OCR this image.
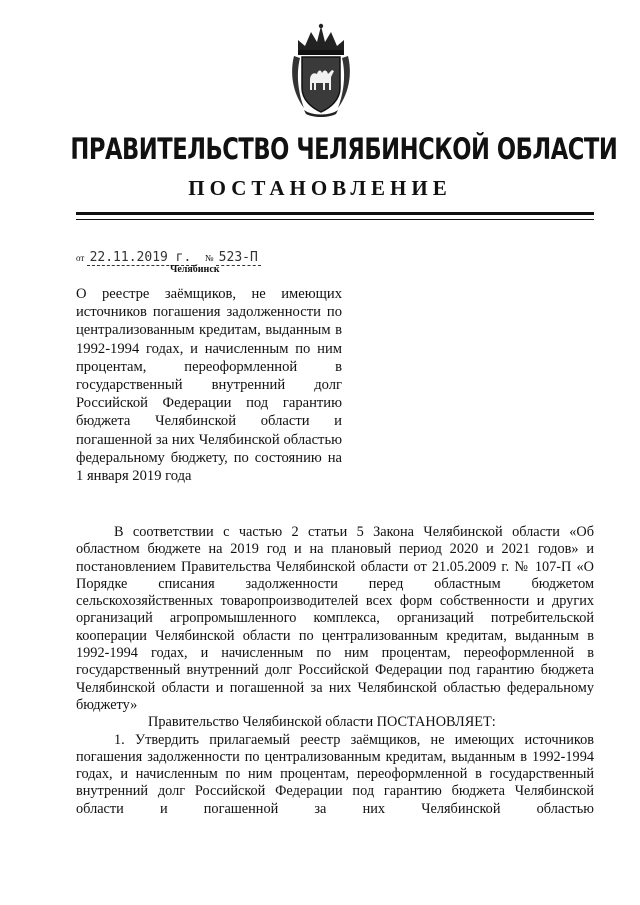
ПРАВИТЕЛЬСТВО ЧЕЛЯБИНСКОЙ ОБЛАСТИ
ПОСТАНОВЛЕНИЕ
от 22.11.2019 г. № 523-П
Челябинск
О реестре заёмщиков, не имеющих источников погашения задолженности по централизованным кредитам, выданным в 1992-1994 годах, и начисленным по ним процентам, переоформленной в государственный внутренний долг Российской Федерации под гарантию бюджета Челябинской области и погашенной за них Челябинской областью федеральному бюджету, по состоянию на 1 января 2019 года

В соответствии с частью 2 статьи 5 Закона Челябинской области «Об областном бюджете на 2019 год и на плановый период 2020 и 2021 годов» и постановлением Правительства Челябинской области от 21.05.2009 г. № 107-П «О Порядке списания задолженности перед областным бюджетом сельскохозяйственных товаропроизводителей всех форм собственности и других организаций агропромышленного комплекса, организаций потребительской кооперации Челябинской области по централизованным кредитам, выданным в 1992-1994 годах, и начисленным по ним процентам, переоформленной в государственный внутренний долг Российской Федерации под гарантию бюджета Челябинской области и погашенной за них Челябинской областью федеральному бюджету»

Правительство Челябинской области ПОСТАНОВЛЯЕТ:

1. Утвердить прилагаемый реестр заёмщиков, не имеющих источников погашения задолженности по централизованным кредитам, выданным в 1992-1994 годах, и начисленным по ним процентам, переоформленной в государственный внутренний долг Российской Федерации под гарантию бюджета Челябинской области и погашенной за них Челябинской областью
